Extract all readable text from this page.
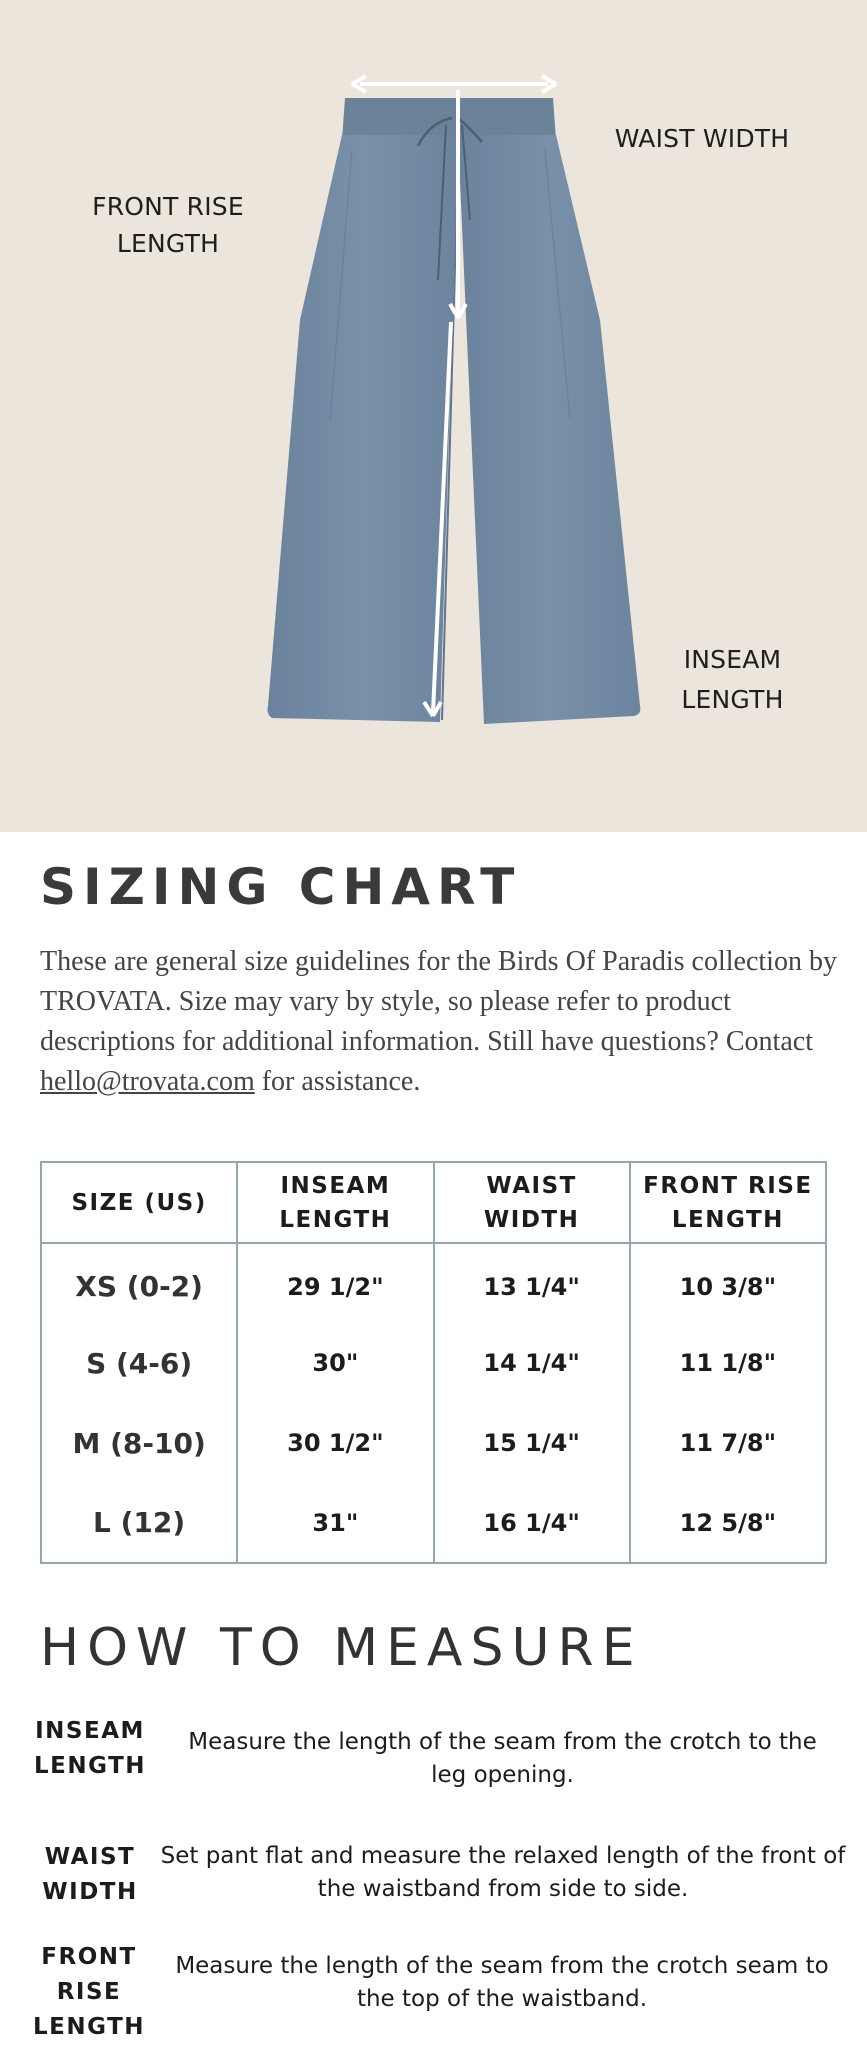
FRONT RISE LENGTH
WAIST WIDTH
INSEAM LENGTH
SIZING CHART

These are general size guidelines for the Birds Of Paradis collection by TROVATA. Size may vary by style, so please refer to product descriptions for additional information. Still have questions? Contact hello@trovata.com for assistance.

SIZE (US)	INSEAM LENGTH	WAIST WIDTH	FRONT RISE LENGTH
XS (0-2)	29 1/2"	13 1/4"	10 3/8"
S (4-6)	30"	14 1/4"	11 1/8"
M (8-10)	30 1/2"	15 1/4"	11 7/8"
L (12)	31"	16 1/4"	12 5/8"
HOW TO MEASURE
INSEAM LENGTH
Measure the length of the seam from the crotch to the leg opening.
WAIST WIDTH
Set pant flat and measure the relaxed length of the front of the waistband from side to side.
FRONT RISE LENGTH
Measure the length of the seam from the crotch seam to the top of the waistband.
